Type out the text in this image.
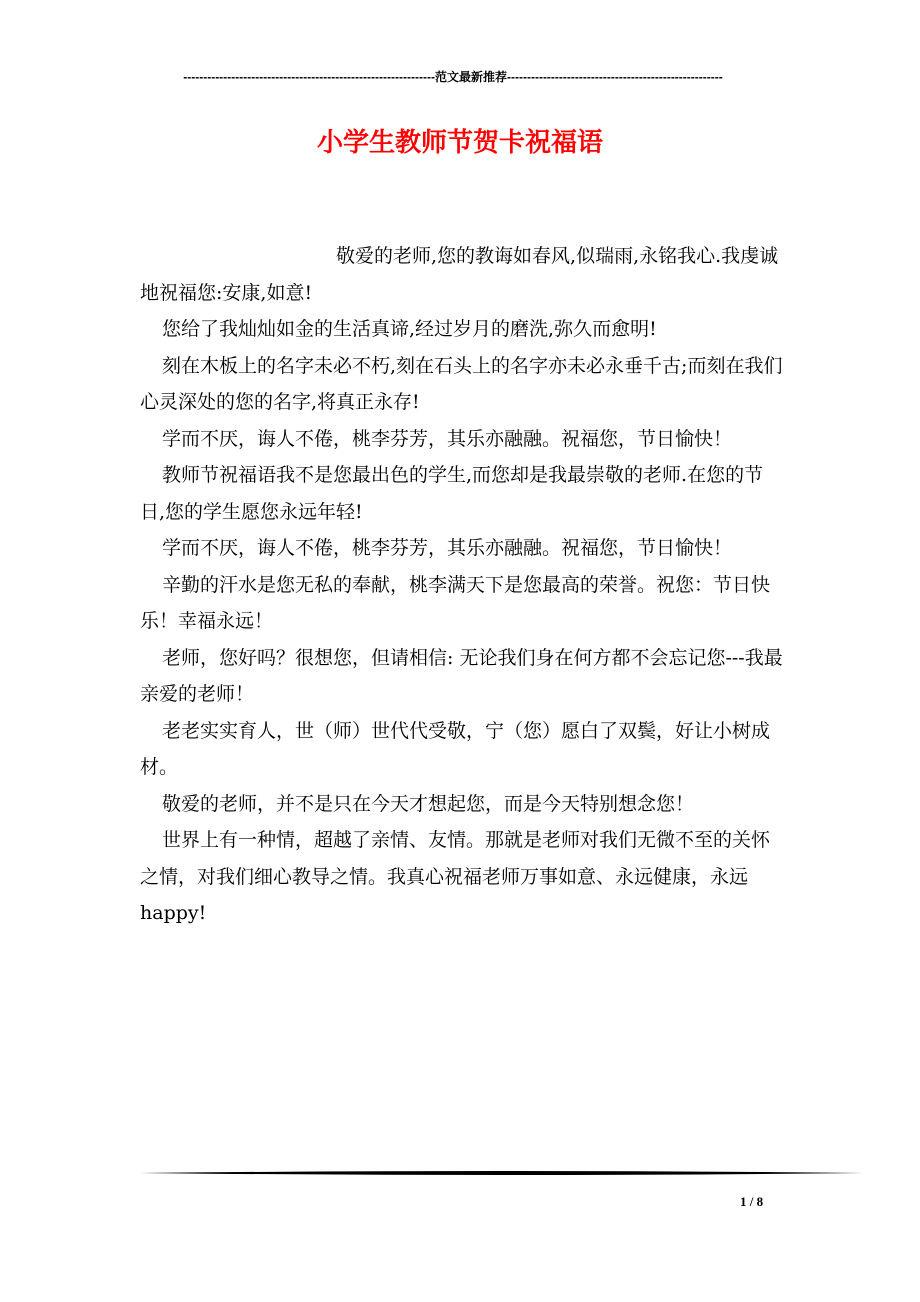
---------------------------------------------------------------范文最新推荐------------------------------------------------------
小学生教师节贺卡祝福语

敬爱的老师,您的教诲如春风,似瑞雨,永铭我心.我虔诚地祝福您:安康,如意!

您给了我灿灿如金的生活真谛,经过岁月的磨洗,弥久而愈明!

刻在木板上的名字未必不朽,刻在石头上的名字亦未必永垂千古;而刻在我们心灵深处的您的名字,将真正永存!

学而不厌，诲人不倦，桃李芬芳，其乐亦融融。祝福您，节日愉快！

教师节祝福语我不是您最出色的学生,而您却是我最崇敬的老师.在您的节日,您的学生愿您永远年轻!

学而不厌，诲人不倦，桃李芬芳，其乐亦融融。祝福您，节日愉快！

辛勤的汗水是您无私的奉献，桃李满天下是您最高的荣誉。祝您：节日快乐！幸福永远！

老师，您好吗？很想您，但请相信: 无论我们身在何方都不会忘记您---我最亲爱的老师！

老老实实育人，世（师）世代代受敬，宁（您）愿白了双鬓，好让小树成材。

敬爱的老师，并不是只在今天才想起您，而是今天特别想念您！

世界上有一种情，超越了亲情、友情。那就是老师对我们无微不至的关怀之情，对我们细心教导之情。我真心祝福老师万事如意、永远健康，永远happy!

1 / 8
